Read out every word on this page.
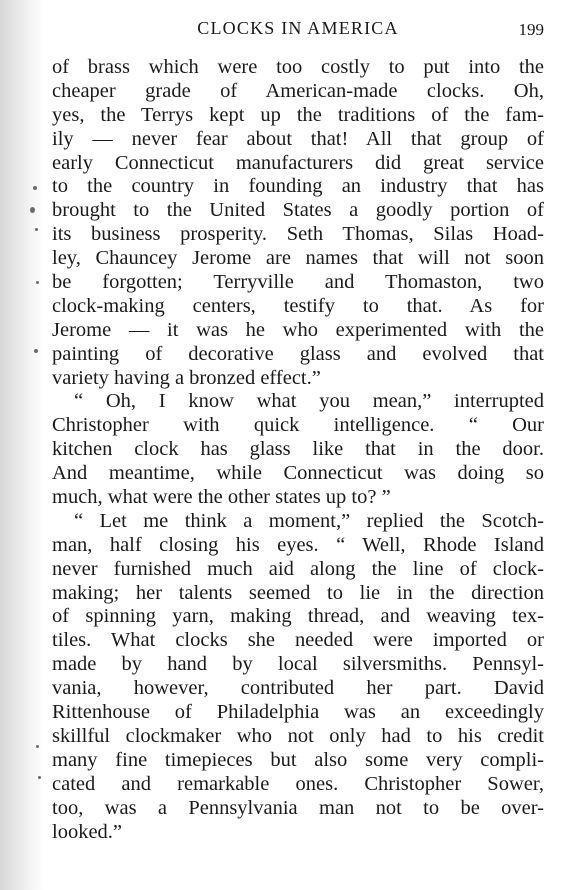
CLOCKS IN AMERICA	199
of brass which were too costly to put into the
cheaper grade of American-made clocks. Oh,
yes, the Terrys kept up the traditions of the fam-
ily — never fear about that! All that group of
early Connecticut manufacturers did great service
to the country in founding an industry that has
brought to the United States a goodly portion of
its business prosperity. Seth Thomas, Silas Hoad-
ley, Chauncey Jerome are names that will not soon
be forgotten; Terryville and Thomaston, two
clock-making centers, testify to that. As for
Jerome — it was he who experimented with the
painting of decorative glass and evolved that
variety having a bronzed effect.”
“ Oh, I know what you mean,” interrupted
Christopher with quick intelligence. “ Our
kitchen clock has glass like that in the door.
And meantime, while Connecticut was doing so
much, what were the other states up to? ”
“ Let me think a moment,” replied the Scotch-
man, half closing his eyes. “ Well, Rhode Island
never furnished much aid along the line of clock-
making; her talents seemed to lie in the direction
of spinning yarn, making thread, and weaving tex-
tiles. What clocks she needed were imported or
made by hand by local silversmiths. Pennsyl-
vania, however, contributed her part. David
Rittenhouse of Philadelphia was an exceedingly
skillful clockmaker who not only had to his credit
many fine timepieces but also some very compli-
cated and remarkable ones. Christopher Sower,
too, was a Pennsylvania man not to be over-
looked.”
